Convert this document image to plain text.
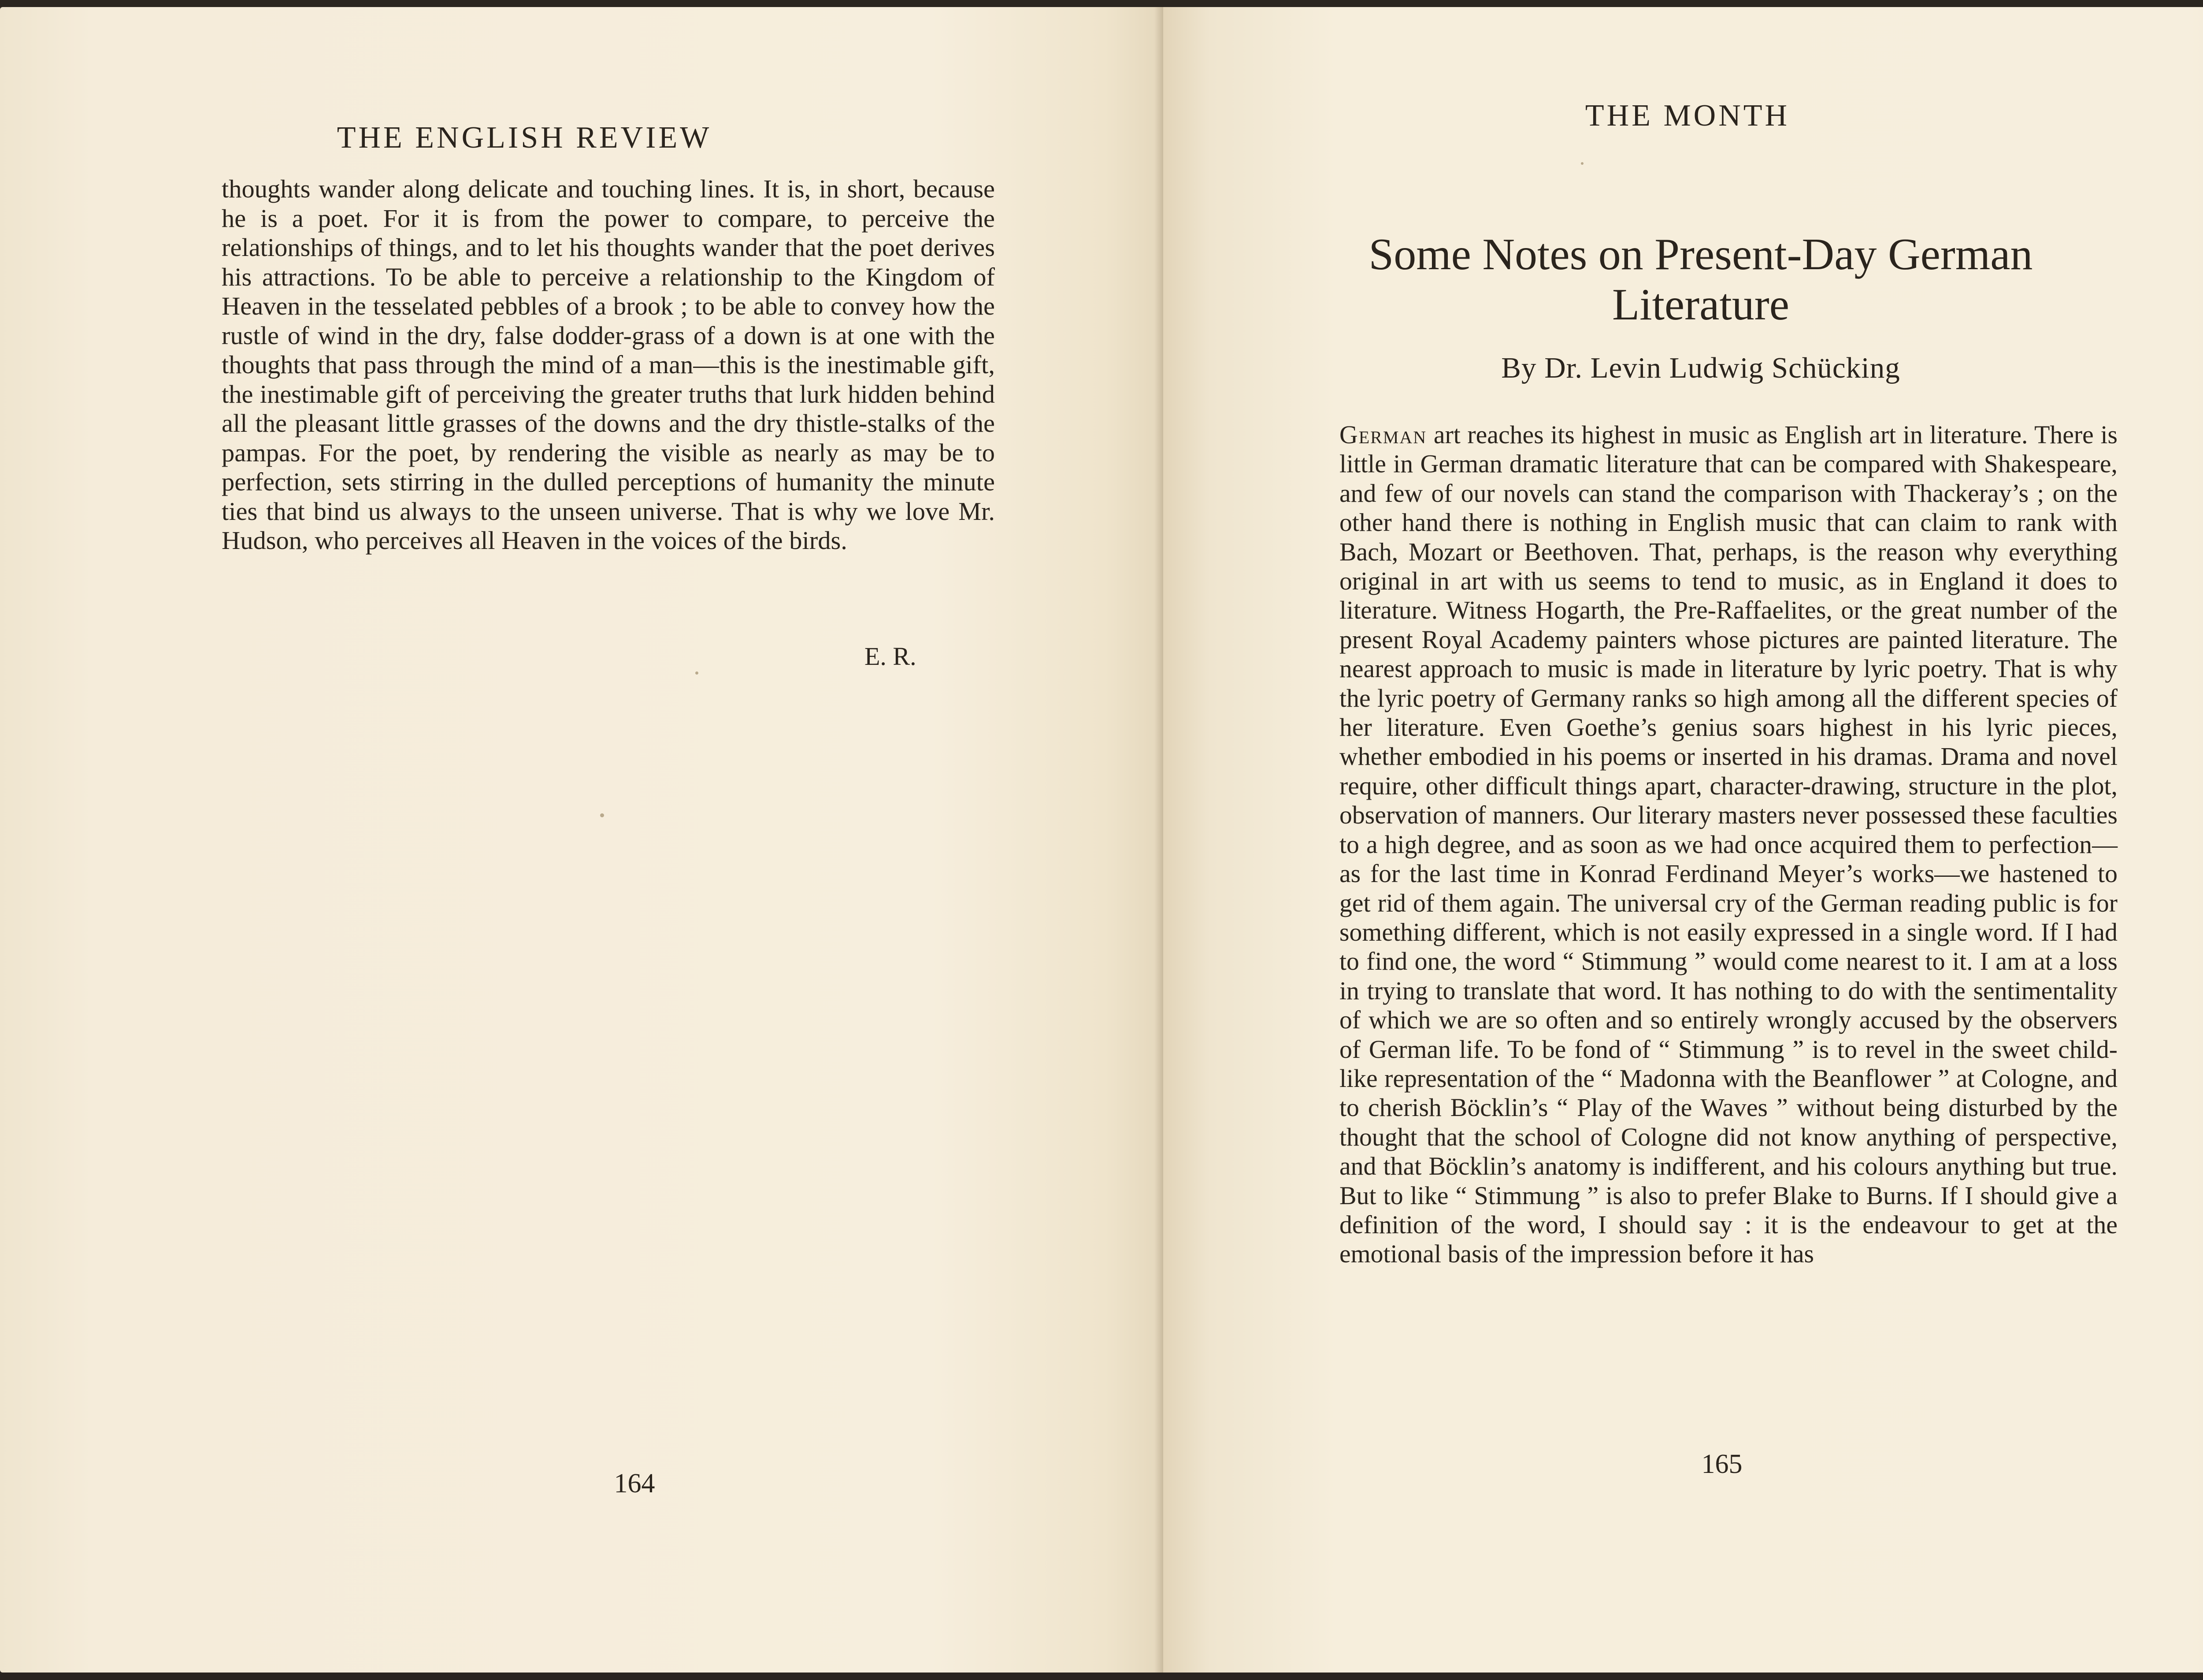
THE ENGLISH REVIEW
thoughts wander along delicate and touching lines. It is, in short, because he is a poet. For it is from the power to compare, to perceive the relationships of things, and to let his thoughts wander that the poet derives his attractions. To be able to perceive a relationship to the Kingdom of Heaven in the tesselated pebbles of a brook ; to be able to convey how the rustle of wind in the dry, false dodder-grass of a down is at one with the thoughts that pass through the mind of a man—this is the inestimable gift, the inestimable gift of perceiving the greater truths that lurk hidden behind all the pleasant little grasses of the downs and the dry thistle-stalks of the pampas. For the poet, by rendering the visible as nearly as may be to perfection, sets stirring in the dulled perceptions of humanity the minute ties that bind us always to the unseen universe. That is why we love Mr. Hudson, who perceives all Heaven in the voices of the birds.
E. R.
164
THE MONTH
Some Notes on Present-Day German Literature
By Dr. Levin Ludwig Schücking
German art reaches its highest in music as English art in literature. There is little in German dramatic literature that can be compared with Shakespeare, and few of our novels can stand the comparison with Thackeray’s ; on the other hand there is nothing in English music that can claim to rank with Bach, Mozart or Beethoven. That, perhaps, is the reason why everything original in art with us seems to tend to music, as in England it does to literature. Witness Hogarth, the Pre-Raffaelites, or the great number of the present Royal Academy painters whose pictures are painted literature. The nearest approach to music is made in literature by lyric poetry. That is why the lyric poetry of Germany ranks so high among all the different species of her literature. Even Goethe’s genius soars highest in his lyric pieces, whether embodied in his poems or inserted in his dramas. Drama and novel require, other difficult things apart, character-drawing, structure in the plot, observation of manners. Our literary masters never possessed these faculties to a high degree, and as soon as we had once acquired them to perfection—as for the last time in Konrad Ferdinand Meyer’s works—we hastened to get rid of them again. The universal cry of the German reading public is for something different, which is not easily expressed in a single word. If I had to find one, the word “ Stimmung ” would come nearest to it. I am at a loss in trying to translate that word. It has nothing to do with the sentimentality of which we are so often and so entirely wrongly accused by the observers of German life. To be fond of “ Stimmung ” is to revel in the sweet child-like representation of the “ Madonna with the Beanflower ” at Cologne, and to cherish Böcklin’s “ Play of the Waves ” without being disturbed by the thought that the school of Cologne did not know anything of perspective, and that Böcklin’s anatomy is indifferent, and his colours anything but true. But to like “ Stimmung ” is also to prefer Blake to Burns. If I should give a definition of the word, I should say : it is the endeavour to get at the emotional basis of the impression before it has
165
